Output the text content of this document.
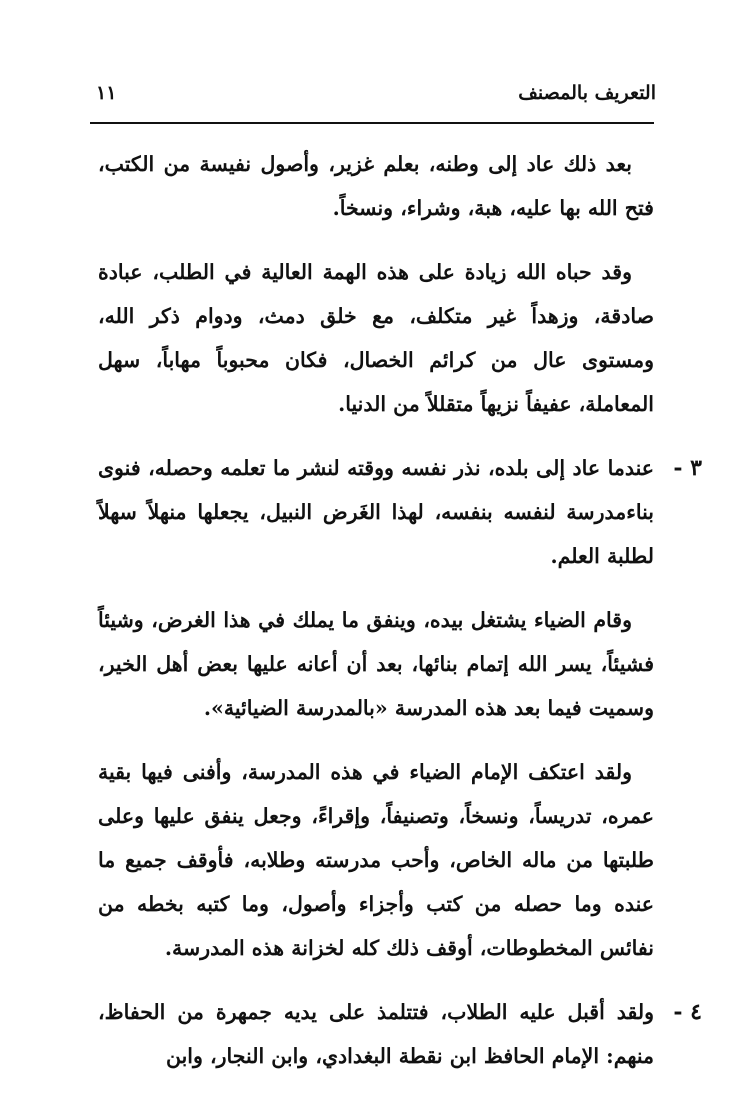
التعريف بالمصنف
١١

بعد ذلك عاد إلى وطنه، بعلم غزير، وأصول نفيسة من الكتب، فتح الله بها عليه، هبة، وشراء، ونسخاً.

وقد حباه الله زيادة على هذه الهمة العالية في الطلب، عبادة صادقة، وزهداً غير متكلف، مع خلق دمث، ودوام ذكر الله، ومستوى عال من كرائم الخصال، فكان محبوباً مهاباً، سهل المعاملة، عفيفاً نزيهاً متقللاً من الدنيا.

٣ -

عندما عاد إلى بلده، نذر نفسه ووقته لنشر ما تعلمه وحصله، فنوى بناءمدرسة لنفسه بنفسه، لهذا الغَرض النبيل، يجعلها منهلاً سهلاً لطلبة العلم.

وقام الضياء يشتغل بيده، وينفق ما يملك في هذا الغرض، وشيئاً فشيئاً، يسر الله إتمام بنائها، بعد أن أعانه عليها بعض أهل الخير، وسميت فيما بعد هذه المدرسة «بالمدرسة الضيائية».

ولقد اعتكف الإمام الضياء في هذه المدرسة، وأفنى فيها بقية عمره، تدريساً، ونسخاً، وتصنيفاً، وإقراءً، وجعل ينفق عليها وعلى طلبتها من ماله الخاص، وأحب مدرسته وطلابه، فأوقف جميع ما عنده وما حصله من كتب وأجزاء وأصول، وما كتبه بخطه من نفائس المخطوطات، أوقف ذلك كله لخزانة هذه المدرسة.

٤ -

ولقد أقبل عليه الطلاب، فتتلمذ على يديه جمهرة من الحفاظ، منهم: الإمام الحافظ ابن نقطة البغدادي، وابن النجار، وابن
